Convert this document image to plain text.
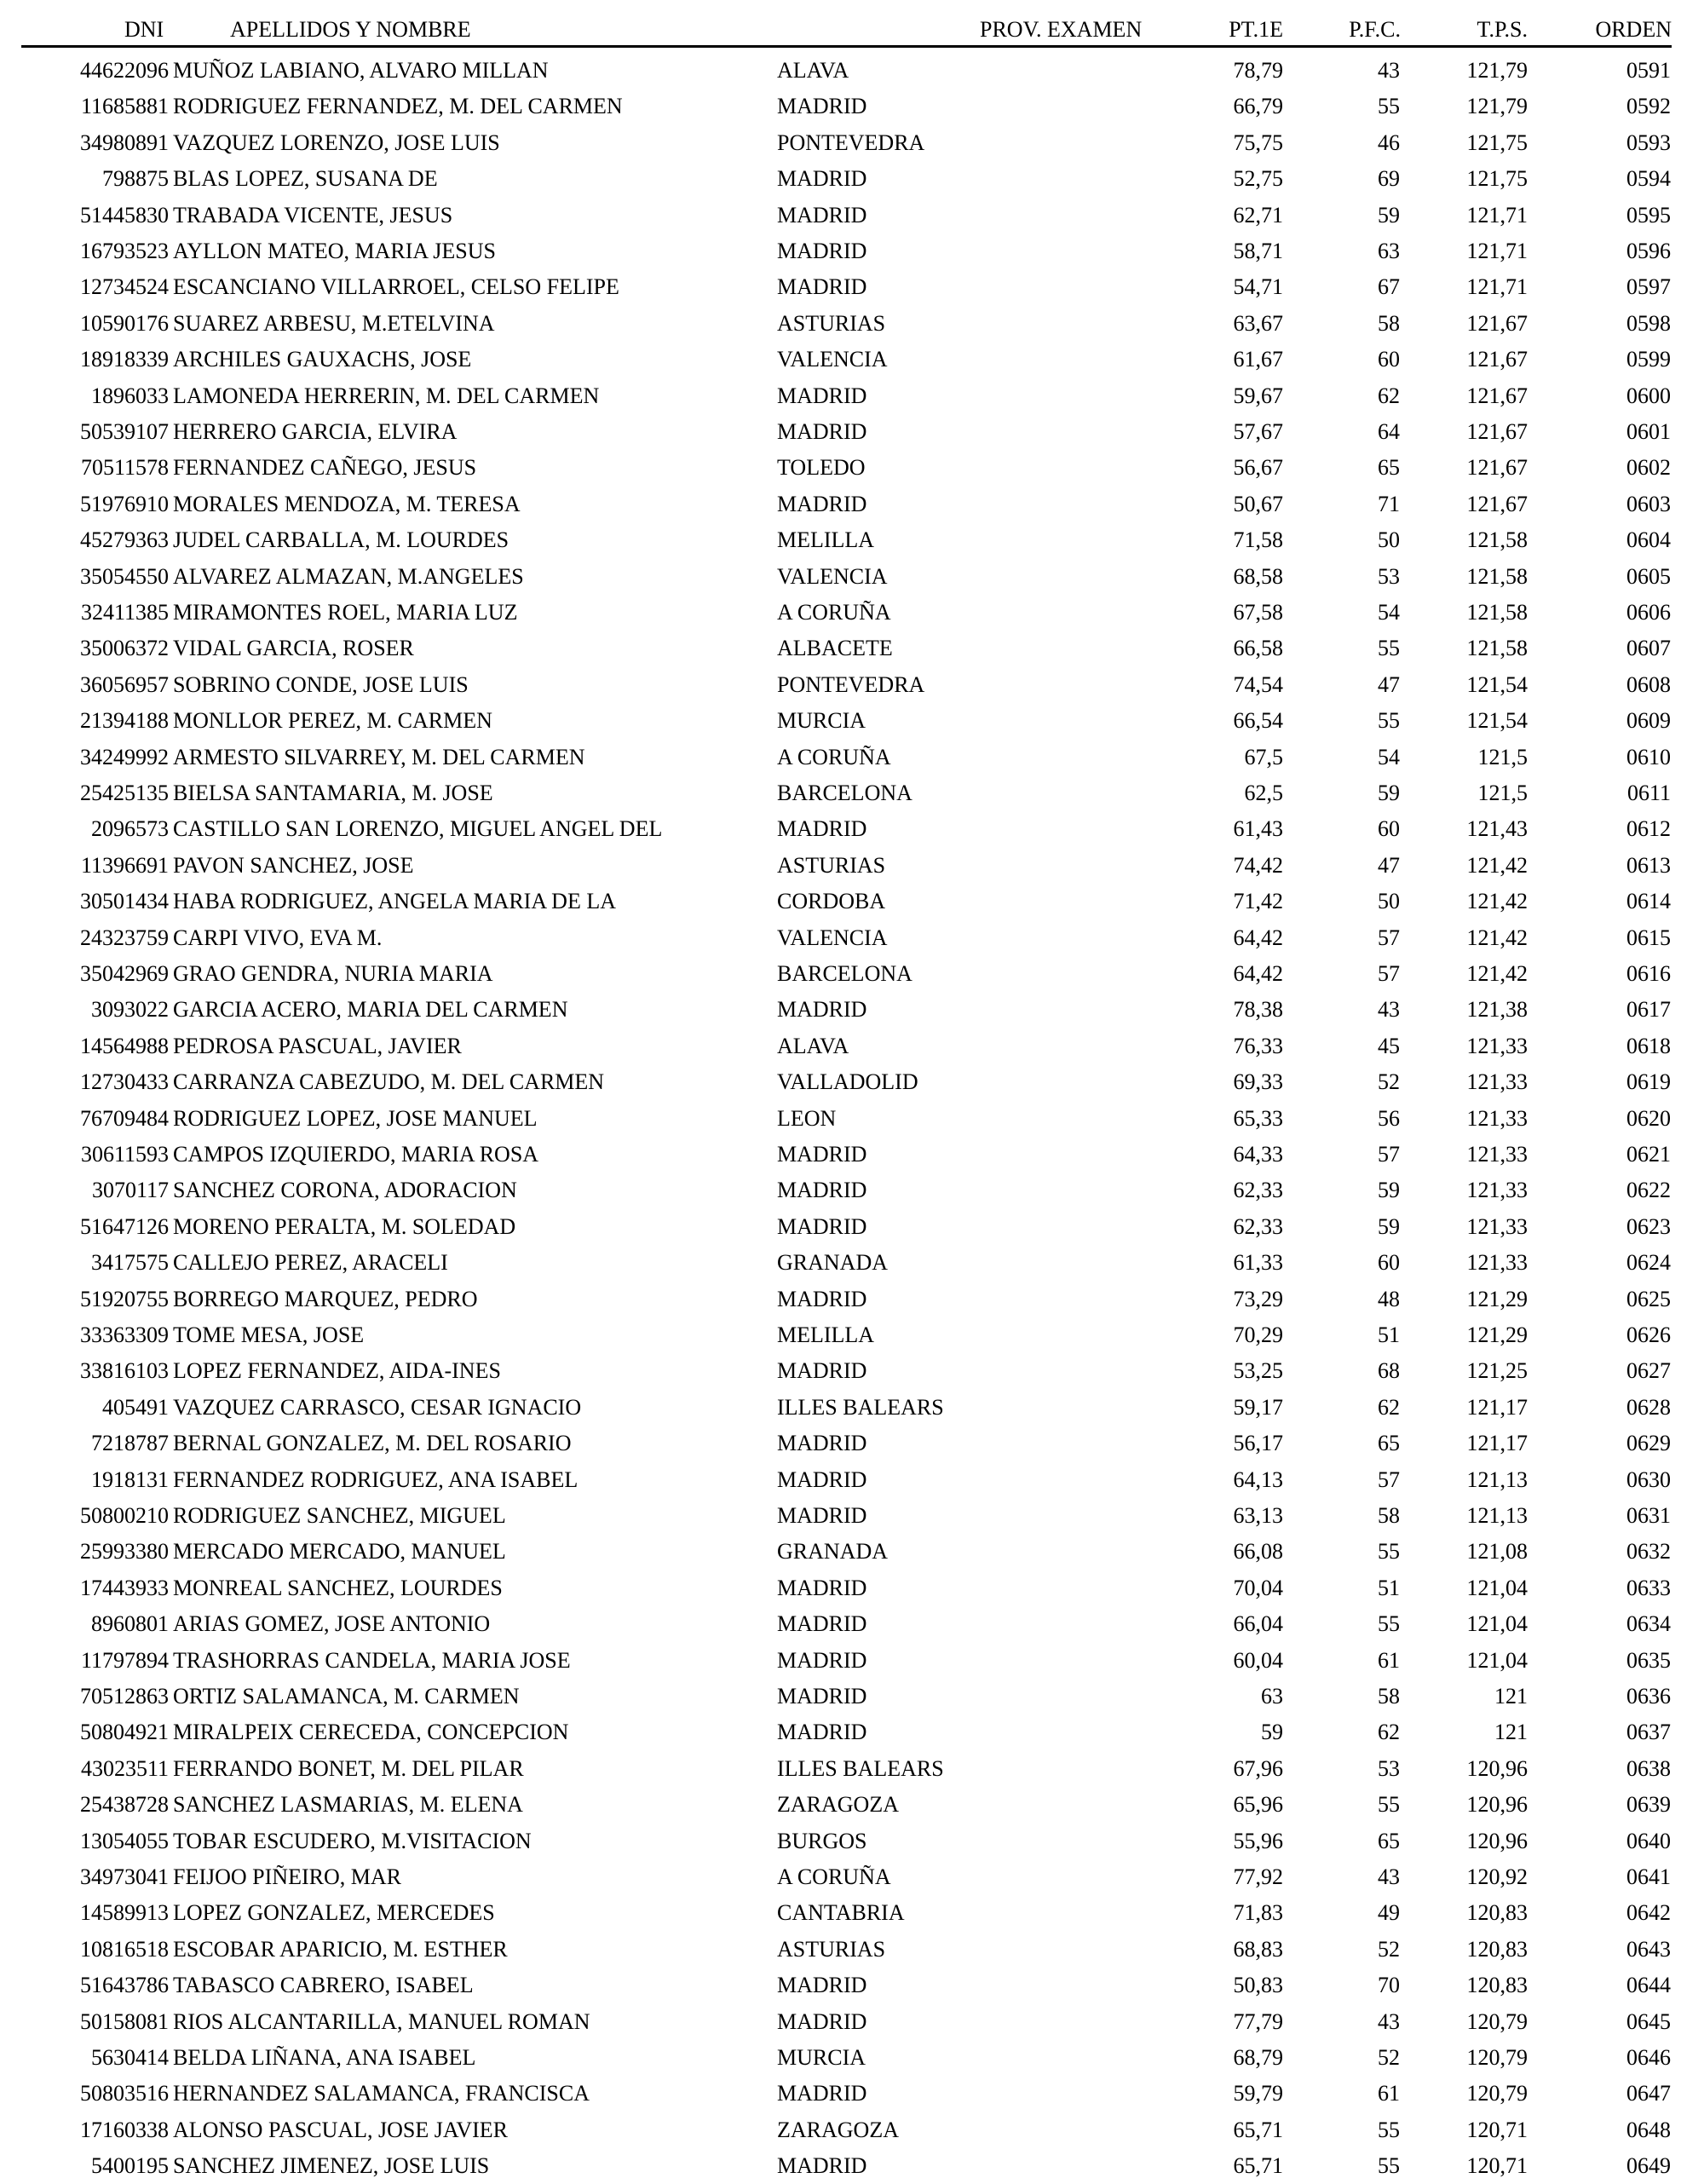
DNI	APELLIDOS Y NOMBRE	PROV. EXAMEN	PT.1E	P.F.C.	T.P.S.	ORDEN
44622096 MUÑOZ LABIANO, ALVARO MILLAN	ALAVA	78,79	43	121,79	0591
11685881 RODRIGUEZ FERNANDEZ, M. DEL CARMEN	MADRID	66,79	55	121,79	0592
34980891 VAZQUEZ LORENZO, JOSE LUIS	PONTEVEDRA	75,75	46	121,75	0593
798875 BLAS LOPEZ, SUSANA DE	MADRID	52,75	69	121,75	0594
51445830 TRABADA VICENTE, JESUS	MADRID	62,71	59	121,71	0595
16793523 AYLLON MATEO, MARIA JESUS	MADRID	58,71	63	121,71	0596
12734524 ESCANCIANO VILLARROEL, CELSO FELIPE	MADRID	54,71	67	121,71	0597
10590176 SUAREZ ARBESU, M.ETELVINA	ASTURIAS	63,67	58	121,67	0598
18918339 ARCHILES GAUXACHS, JOSE	VALENCIA	61,67	60	121,67	0599
1896033 LAMONEDA HERRERIN, M. DEL CARMEN	MADRID	59,67	62	121,67	0600
50539107 HERRERO GARCIA, ELVIRA	MADRID	57,67	64	121,67	0601
70511578 FERNANDEZ CAÑEGO, JESUS	TOLEDO	56,67	65	121,67	0602
51976910 MORALES MENDOZA, M. TERESA	MADRID	50,67	71	121,67	0603
45279363 JUDEL CARBALLA, M. LOURDES	MELILLA	71,58	50	121,58	0604
35054550 ALVAREZ ALMAZAN, M.ANGELES	VALENCIA	68,58	53	121,58	0605
32411385 MIRAMONTES ROEL, MARIA LUZ	A CORUÑA	67,58	54	121,58	0606
35006372 VIDAL GARCIA, ROSER	ALBACETE	66,58	55	121,58	0607
36056957 SOBRINO CONDE, JOSE LUIS	PONTEVEDRA	74,54	47	121,54	0608
21394188 MONLLOR PEREZ, M. CARMEN	MURCIA	66,54	55	121,54	0609
34249992 ARMESTO SILVARREY, M. DEL CARMEN	A CORUÑA	67,5	54	121,5	0610
25425135 BIELSA SANTAMARIA, M. JOSE	BARCELONA	62,5	59	121,5	0611
2096573 CASTILLO SAN LORENZO, MIGUEL ANGEL DEL	MADRID	61,43	60	121,43	0612
11396691 PAVON SANCHEZ, JOSE	ASTURIAS	74,42	47	121,42	0613
30501434 HABA RODRIGUEZ, ANGELA MARIA DE LA	CORDOBA	71,42	50	121,42	0614
24323759 CARPI VIVO, EVA M.	VALENCIA	64,42	57	121,42	0615
35042969 GRAO GENDRA, NURIA MARIA	BARCELONA	64,42	57	121,42	0616
3093022 GARCIA ACERO, MARIA DEL CARMEN	MADRID	78,38	43	121,38	0617
14564988 PEDROSA PASCUAL, JAVIER	ALAVA	76,33	45	121,33	0618
12730433 CARRANZA CABEZUDO, M. DEL CARMEN	VALLADOLID	69,33	52	121,33	0619
76709484 RODRIGUEZ LOPEZ, JOSE MANUEL	LEON	65,33	56	121,33	0620
30611593 CAMPOS IZQUIERDO, MARIA ROSA	MADRID	64,33	57	121,33	0621
3070117 SANCHEZ CORONA, ADORACION	MADRID	62,33	59	121,33	0622
51647126 MORENO PERALTA, M. SOLEDAD	MADRID	62,33	59	121,33	0623
3417575 CALLEJO PEREZ, ARACELI	GRANADA	61,33	60	121,33	0624
51920755 BORREGO MARQUEZ, PEDRO	MADRID	73,29	48	121,29	0625
33363309 TOME MESA, JOSE	MELILLA	70,29	51	121,29	0626
33816103 LOPEZ FERNANDEZ, AIDA-INES	MADRID	53,25	68	121,25	0627
405491 VAZQUEZ CARRASCO, CESAR IGNACIO	ILLES BALEARS	59,17	62	121,17	0628
7218787 BERNAL GONZALEZ, M. DEL ROSARIO	MADRID	56,17	65	121,17	0629
1918131 FERNANDEZ RODRIGUEZ, ANA ISABEL	MADRID	64,13	57	121,13	0630
50800210 RODRIGUEZ SANCHEZ, MIGUEL	MADRID	63,13	58	121,13	0631
25993380 MERCADO MERCADO, MANUEL	GRANADA	66,08	55	121,08	0632
17443933 MONREAL SANCHEZ, LOURDES	MADRID	70,04	51	121,04	0633
8960801 ARIAS GOMEZ, JOSE ANTONIO	MADRID	66,04	55	121,04	0634
11797894 TRASHORRAS CANDELA, MARIA JOSE	MADRID	60,04	61	121,04	0635
70512863 ORTIZ SALAMANCA, M. CARMEN	MADRID	63	58	121	0636
50804921 MIRALPEIX CERECEDA, CONCEPCION	MADRID	59	62	121	0637
43023511 FERRANDO BONET, M. DEL PILAR	ILLES BALEARS	67,96	53	120,96	0638
25438728 SANCHEZ LASMARIAS, M. ELENA	ZARAGOZA	65,96	55	120,96	0639
13054055 TOBAR ESCUDERO, M.VISITACION	BURGOS	55,96	65	120,96	0640
34973041 FEIJOO PIÑEIRO, MAR	A CORUÑA	77,92	43	120,92	0641
14589913 LOPEZ GONZALEZ, MERCEDES	CANTABRIA	71,83	49	120,83	0642
10816518 ESCOBAR APARICIO, M. ESTHER	ASTURIAS	68,83	52	120,83	0643
51643786 TABASCO CABRERO, ISABEL	MADRID	50,83	70	120,83	0644
50158081 RIOS ALCANTARILLA, MANUEL ROMAN	MADRID	77,79	43	120,79	0645
5630414 BELDA LIÑANA, ANA ISABEL	MURCIA	68,79	52	120,79	0646
50803516 HERNANDEZ SALAMANCA, FRANCISCA	MADRID	59,79	61	120,79	0647
17160338 ALONSO PASCUAL, JOSE JAVIER	ZARAGOZA	65,71	55	120,71	0648
5400195 SANCHEZ JIMENEZ, JOSE LUIS	MADRID	65,71	55	120,71	0649
